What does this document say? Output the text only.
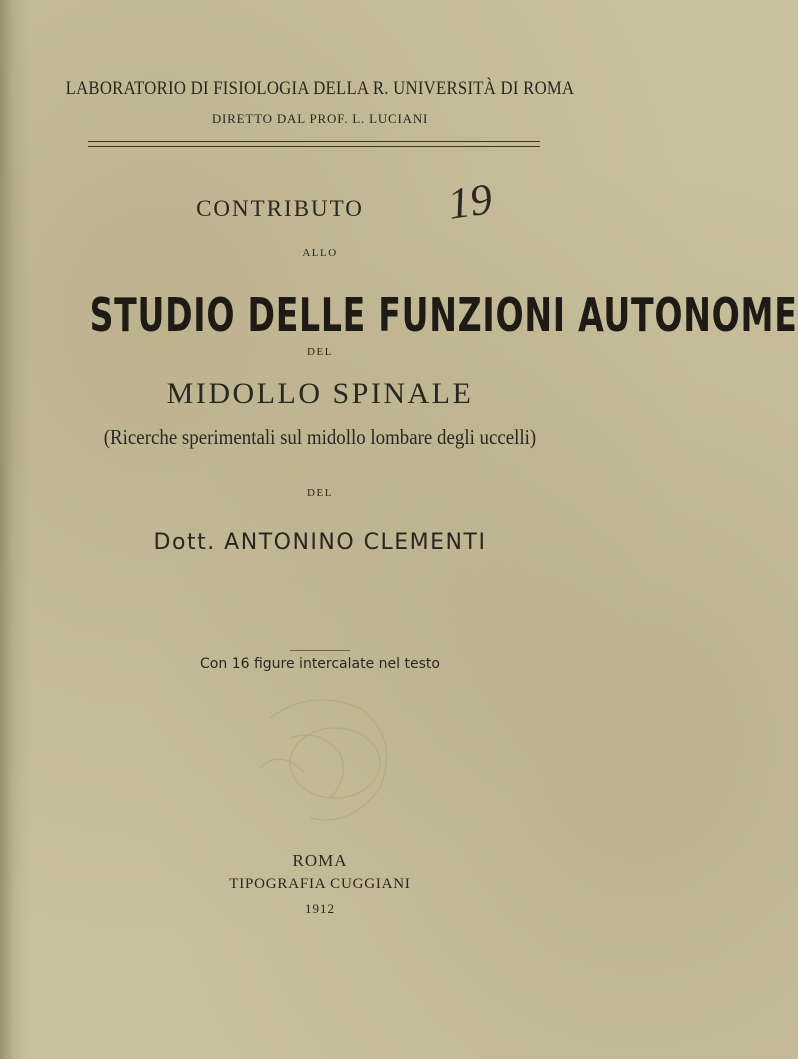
LABORATORIO DI FISIOLOGIA DELLA R. UNIVERSITÀ DI ROMA
DIRETTO DAL PROF. L. LUCIANI
CONTRIBUTO	19
ALLO
STUDIO DELLE FUNZIONI AUTONOME
DEL
MIDOLLO SPINALE
(Ricerche sperimentali sul midollo lombare degli uccelli)
DEL
Dott. ANTONINO CLEMENTI
Con 16 figure intercalate nel testo
ROMA
TIPOGRAFIA CUGGIANI
1912
